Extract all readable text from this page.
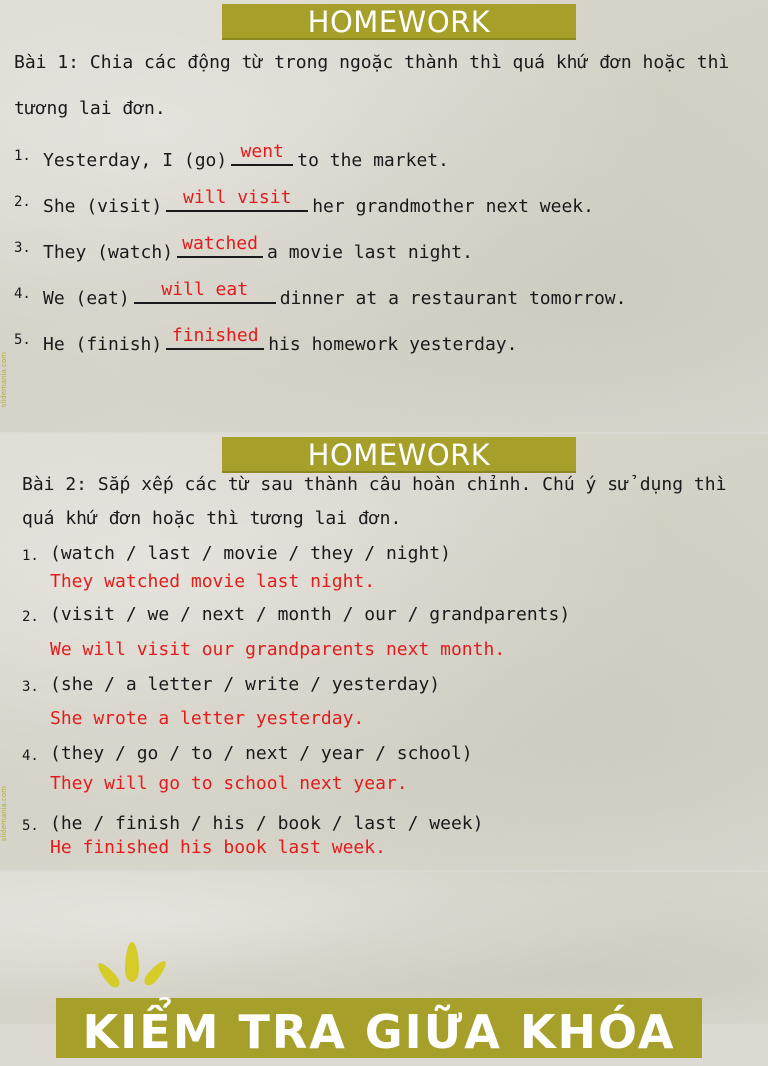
HOMEWORK
slidemania.com

Bài 1: Chia các động từ trong ngoặc thành thì quá khứ đơn hoặc thì tương lai đơn.

1. Yesterday, I (go) went to the market.
2. She (visit)	will visit	her grandmother next week.
3. They (watch) watched a movie last night.
4. We (eat)	will eat	dinner at a restaurant tomorrow.
5. He (finish) finished his homework yesterday.
HOMEWORK
slidemania.com

Bài 2: Sắp xếp các từ sau thành câu hoàn chỉnh. Chú ý sử dụng thì quá khứ đơn hoặc thì tương lai đơn.

1. (watch / last / movie / they / night)
They watched movie last night.
2. (visit / we / next / month / our / grandparents)
We will visit our grandparents next month.
3. (she / a letter / write / yesterday)
She wrote a letter yesterday.
4. (they / go / to / next / year / school)
They will go to school next year.
5. (he / finish / his / book / last / week)
He finished his book last week.
KIỂM TRA GIỮA KHÓA
